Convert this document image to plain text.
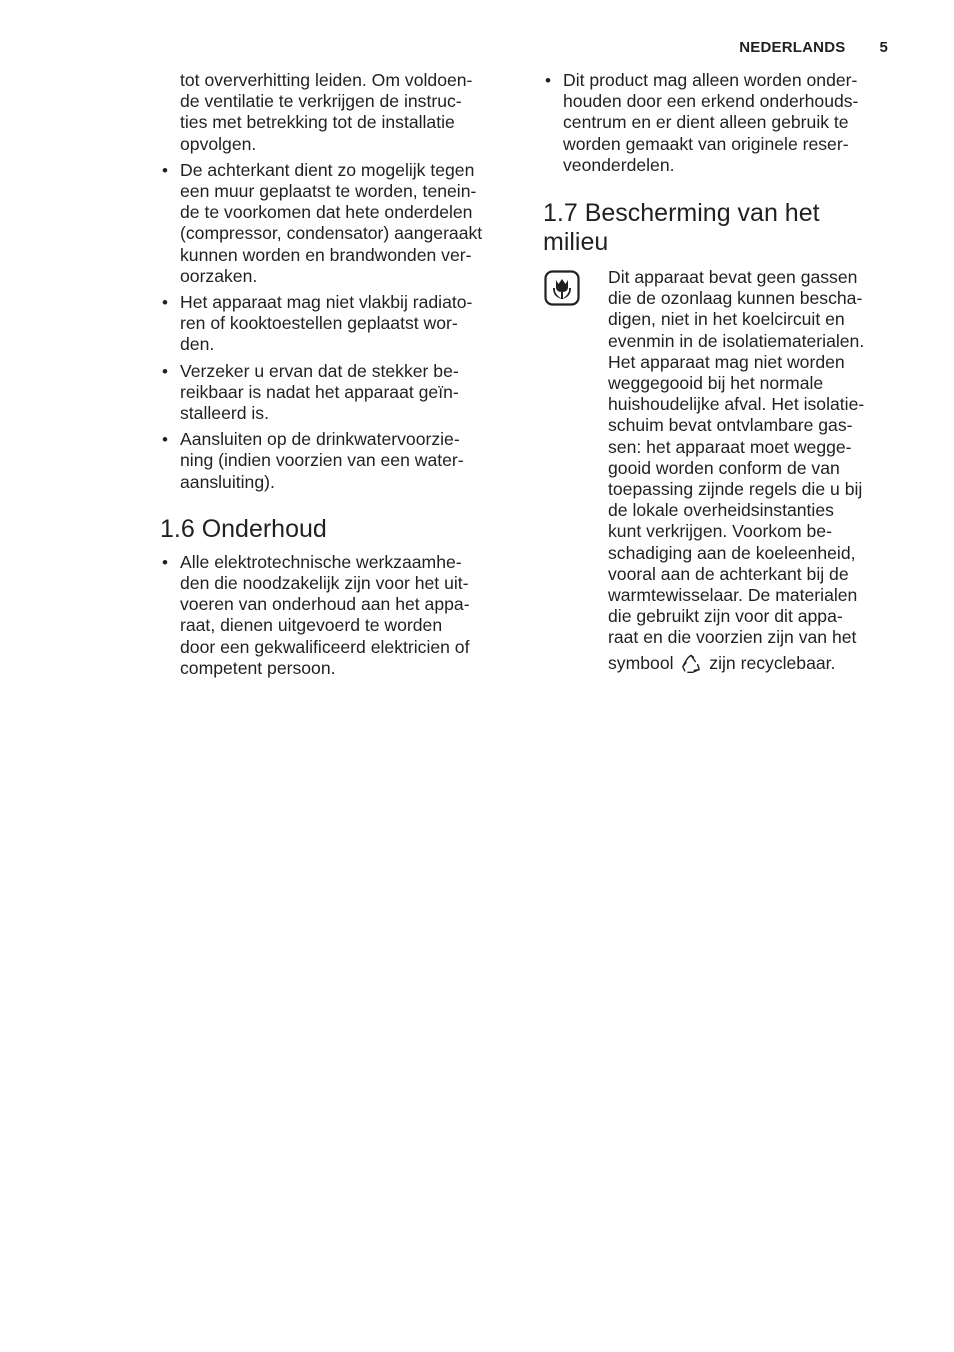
NEDERLANDS 5
tot oververhitting leiden. Om voldoen-
de ventilatie te verkrijgen de instruc-
ties met betrekking tot de installatie
opvolgen.
• De achterkant dient zo mogelijk tegen
een muur geplaatst te worden, tenein-
de te voorkomen dat hete onderdelen
(compressor, condensator) aangeraakt
kunnen worden en brandwonden ver-
oorzaken.
• Het apparaat mag niet vlakbij radiato-
ren of kooktoestellen geplaatst wor-
den.
• Verzeker u ervan dat de stekker be-
reikbaar is nadat het apparaat geïn-
stalleerd is.
• Aansluiten op de drinkwatervoorzie-
ning (indien voorzien van een water-
aansluiting).
1.6 Onderhoud
• Alle elektrotechnische werkzaamhe-
den die noodzakelijk zijn voor het uit-
voeren van onderhoud aan het appa-
raat, dienen uitgevoerd te worden
door een gekwalificeerd elektricien of
competent persoon.
• Dit product mag alleen worden onder-
houden door een erkend onderhouds-
centrum en er dient alleen gebruik te
worden gemaakt van originele reser-
veonderdelen.
1.7 Bescherming van het
milieu
Dit apparaat bevat geen gassen
die de ozonlaag kunnen bescha-
digen, niet in het koelcircuit en
evenmin in de isolatiematerialen.
Het apparaat mag niet worden
weggegooid bij het normale
huishoudelijke afval. Het isolatie-
schuim bevat ontvlambare gas-
sen: het apparaat moet wegge-
gooid worden conform de van
toepassing zijnde regels die u bij
de lokale overheidsinstanties
kunt verkrijgen. Voorkom be-
schadiging aan de koeleenheid,
vooral aan de achterkant bij de
warmtewisselaar. De materialen
die gebruikt zijn voor dit appa-
raat en die voorzien zijn van het
symbool zijn recyclebaar.
